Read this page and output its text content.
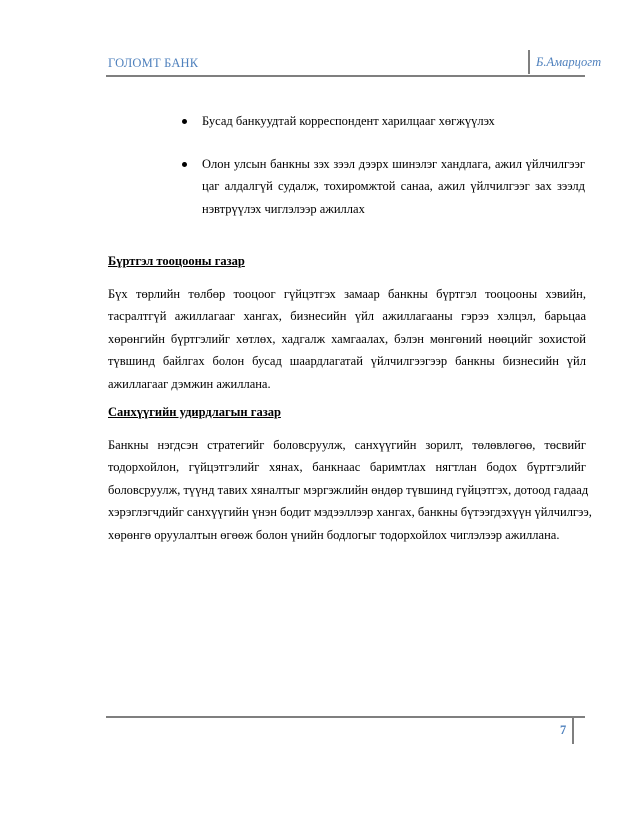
ГОЛОМТ БАНК	Б.Амарцогт
Бусад банкуудтай корреспондент харилцааг хөгжүүлэх
Олон улсын банкны зэх зээл дээрх шинэлэг хандлага, ажил үйлчилгээг
цаг алдалгүй судалж, тохиромжтой санаа, ажил үйлчилгээг зах зээлд
нэвтрүүлэх чиглэлээр ажиллах
Бүртгэл тооцооны газар
Бүх төрлийн төлбөр тооцоог гүйцэтгэх замаар банкны бүртгэл тооцооны хэвийн,
тасралтгүй ажиллагааг хангах, бизнесийн үйл ажиллагааны гэрээ хэлцэл, барьцаа
хөрөнгийн бүртгэлийг хөтлөх, хадгалж хамгаалах, бэлэн мөнгөний нөөцийг зохистой
түвшинд байлгах болон бусад шаардлагатай үйлчилгээгээр банкны бизнесийн үйл
ажиллагааг дэмжин ажиллана.
Санхүүгийн удирдлагын газар
Банкны нэгдсэн стратегийг боловсруулж, санхүүгийн зорилт, төлөвлөгөө, төсвийг
тодорхойлон, гүйцэтгэлийг хянах, банкнаас баримтлах нягтлан бодох бүртгэлийг
боловсруулж, түүнд тавих хяналтыг мэргэжлийн өндөр түвшинд гүйцэтгэх, дотоод гадаад
хэрэглэгчдийг санхүүгийн үнэн бодит мэдээллээр хангах, банкны бүтээгдэхүүн үйлчилгээ,
хөрөнгө оруулалтын өгөөж болон үнийн бодлогыг тодорхойлох чиглэлээр ажиллана.
7
